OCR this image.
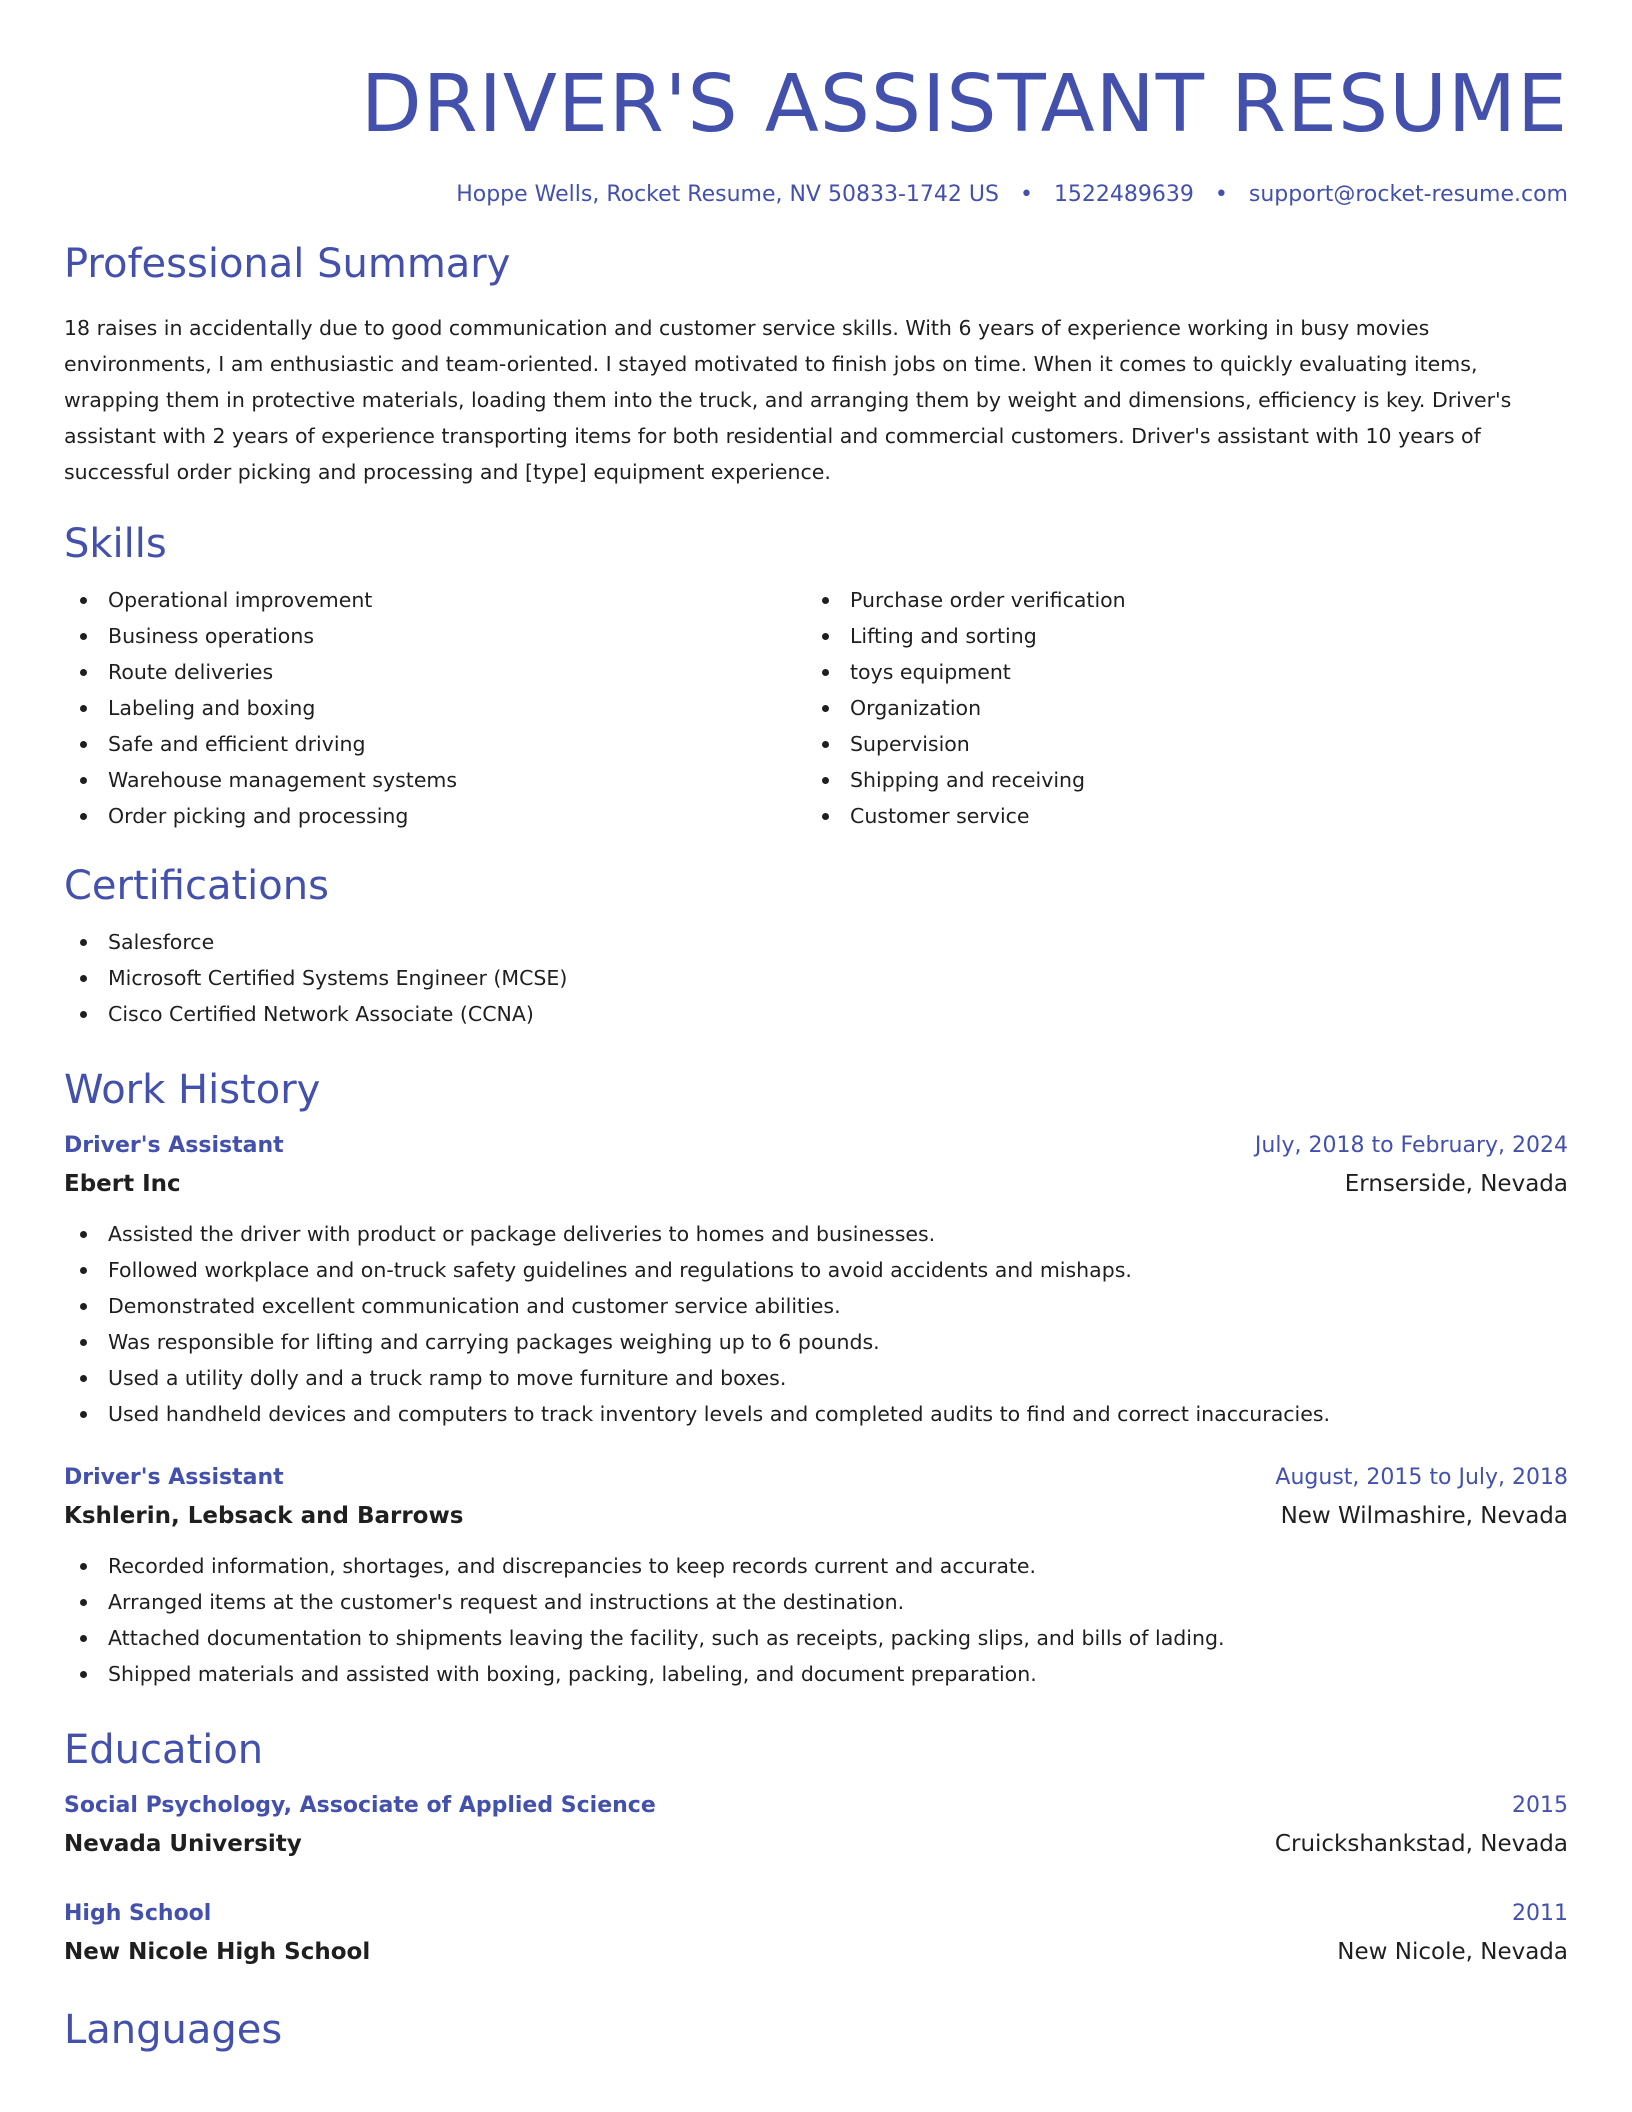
DRIVER'S ASSISTANT RESUME
Hoppe Wells, Rocket Resume, NV 50833-1742 US • 1522489639 • support@rocket-resume.com
Professional Summary

18 raises in accidentally due to good communication and customer service skills. With 6 years of experience working in busy movies environments, I am enthusiastic and team-oriented. I stayed motivated to finish jobs on time. When it comes to quickly evaluating items, wrapping them in protective materials, loading them into the truck, and arranging them by weight and dimensions, efficiency is key. Driver's assistant with 2 years of experience transporting items for both residential and commercial customers. Driver's assistant with 10 years of successful order picking and processing and [type] equipment experience.

Skills
Operational improvement
Business operations
Route deliveries
Labeling and boxing
Safe and efficient driving
Warehouse management systems
Order picking and processing
Purchase order verification
Lifting and sorting
toys equipment
Organization
Supervision
Shipping and receiving
Customer service
Certifications
Salesforce
Microsoft Certified Systems Engineer (MCSE)
Cisco Certified Network Associate (CCNA)
Work History
Driver's Assistant	July, 2018 to February, 2024
Ebert Inc	Ernserside, Nevada
Assisted the driver with product or package deliveries to homes and businesses.
Followed workplace and on-truck safety guidelines and regulations to avoid accidents and mishaps.
Demonstrated excellent communication and customer service abilities.
Was responsible for lifting and carrying packages weighing up to 6 pounds.
Used a utility dolly and a truck ramp to move furniture and boxes.
Used handheld devices and computers to track inventory levels and completed audits to find and correct inaccuracies.
Driver's Assistant	August, 2015 to July, 2018
Kshlerin, Lebsack and Barrows	New Wilmashire, Nevada
Recorded information, shortages, and discrepancies to keep records current and accurate.
Arranged items at the customer's request and instructions at the destination.
Attached documentation to shipments leaving the facility, such as receipts, packing slips, and bills of lading.
Shipped materials and assisted with boxing, packing, labeling, and document preparation.
Education
Social Psychology, Associate of Applied Science	2015
Nevada University	Cruickshankstad, Nevada
High School	2011
New Nicole High School	New Nicole, Nevada
Languages
